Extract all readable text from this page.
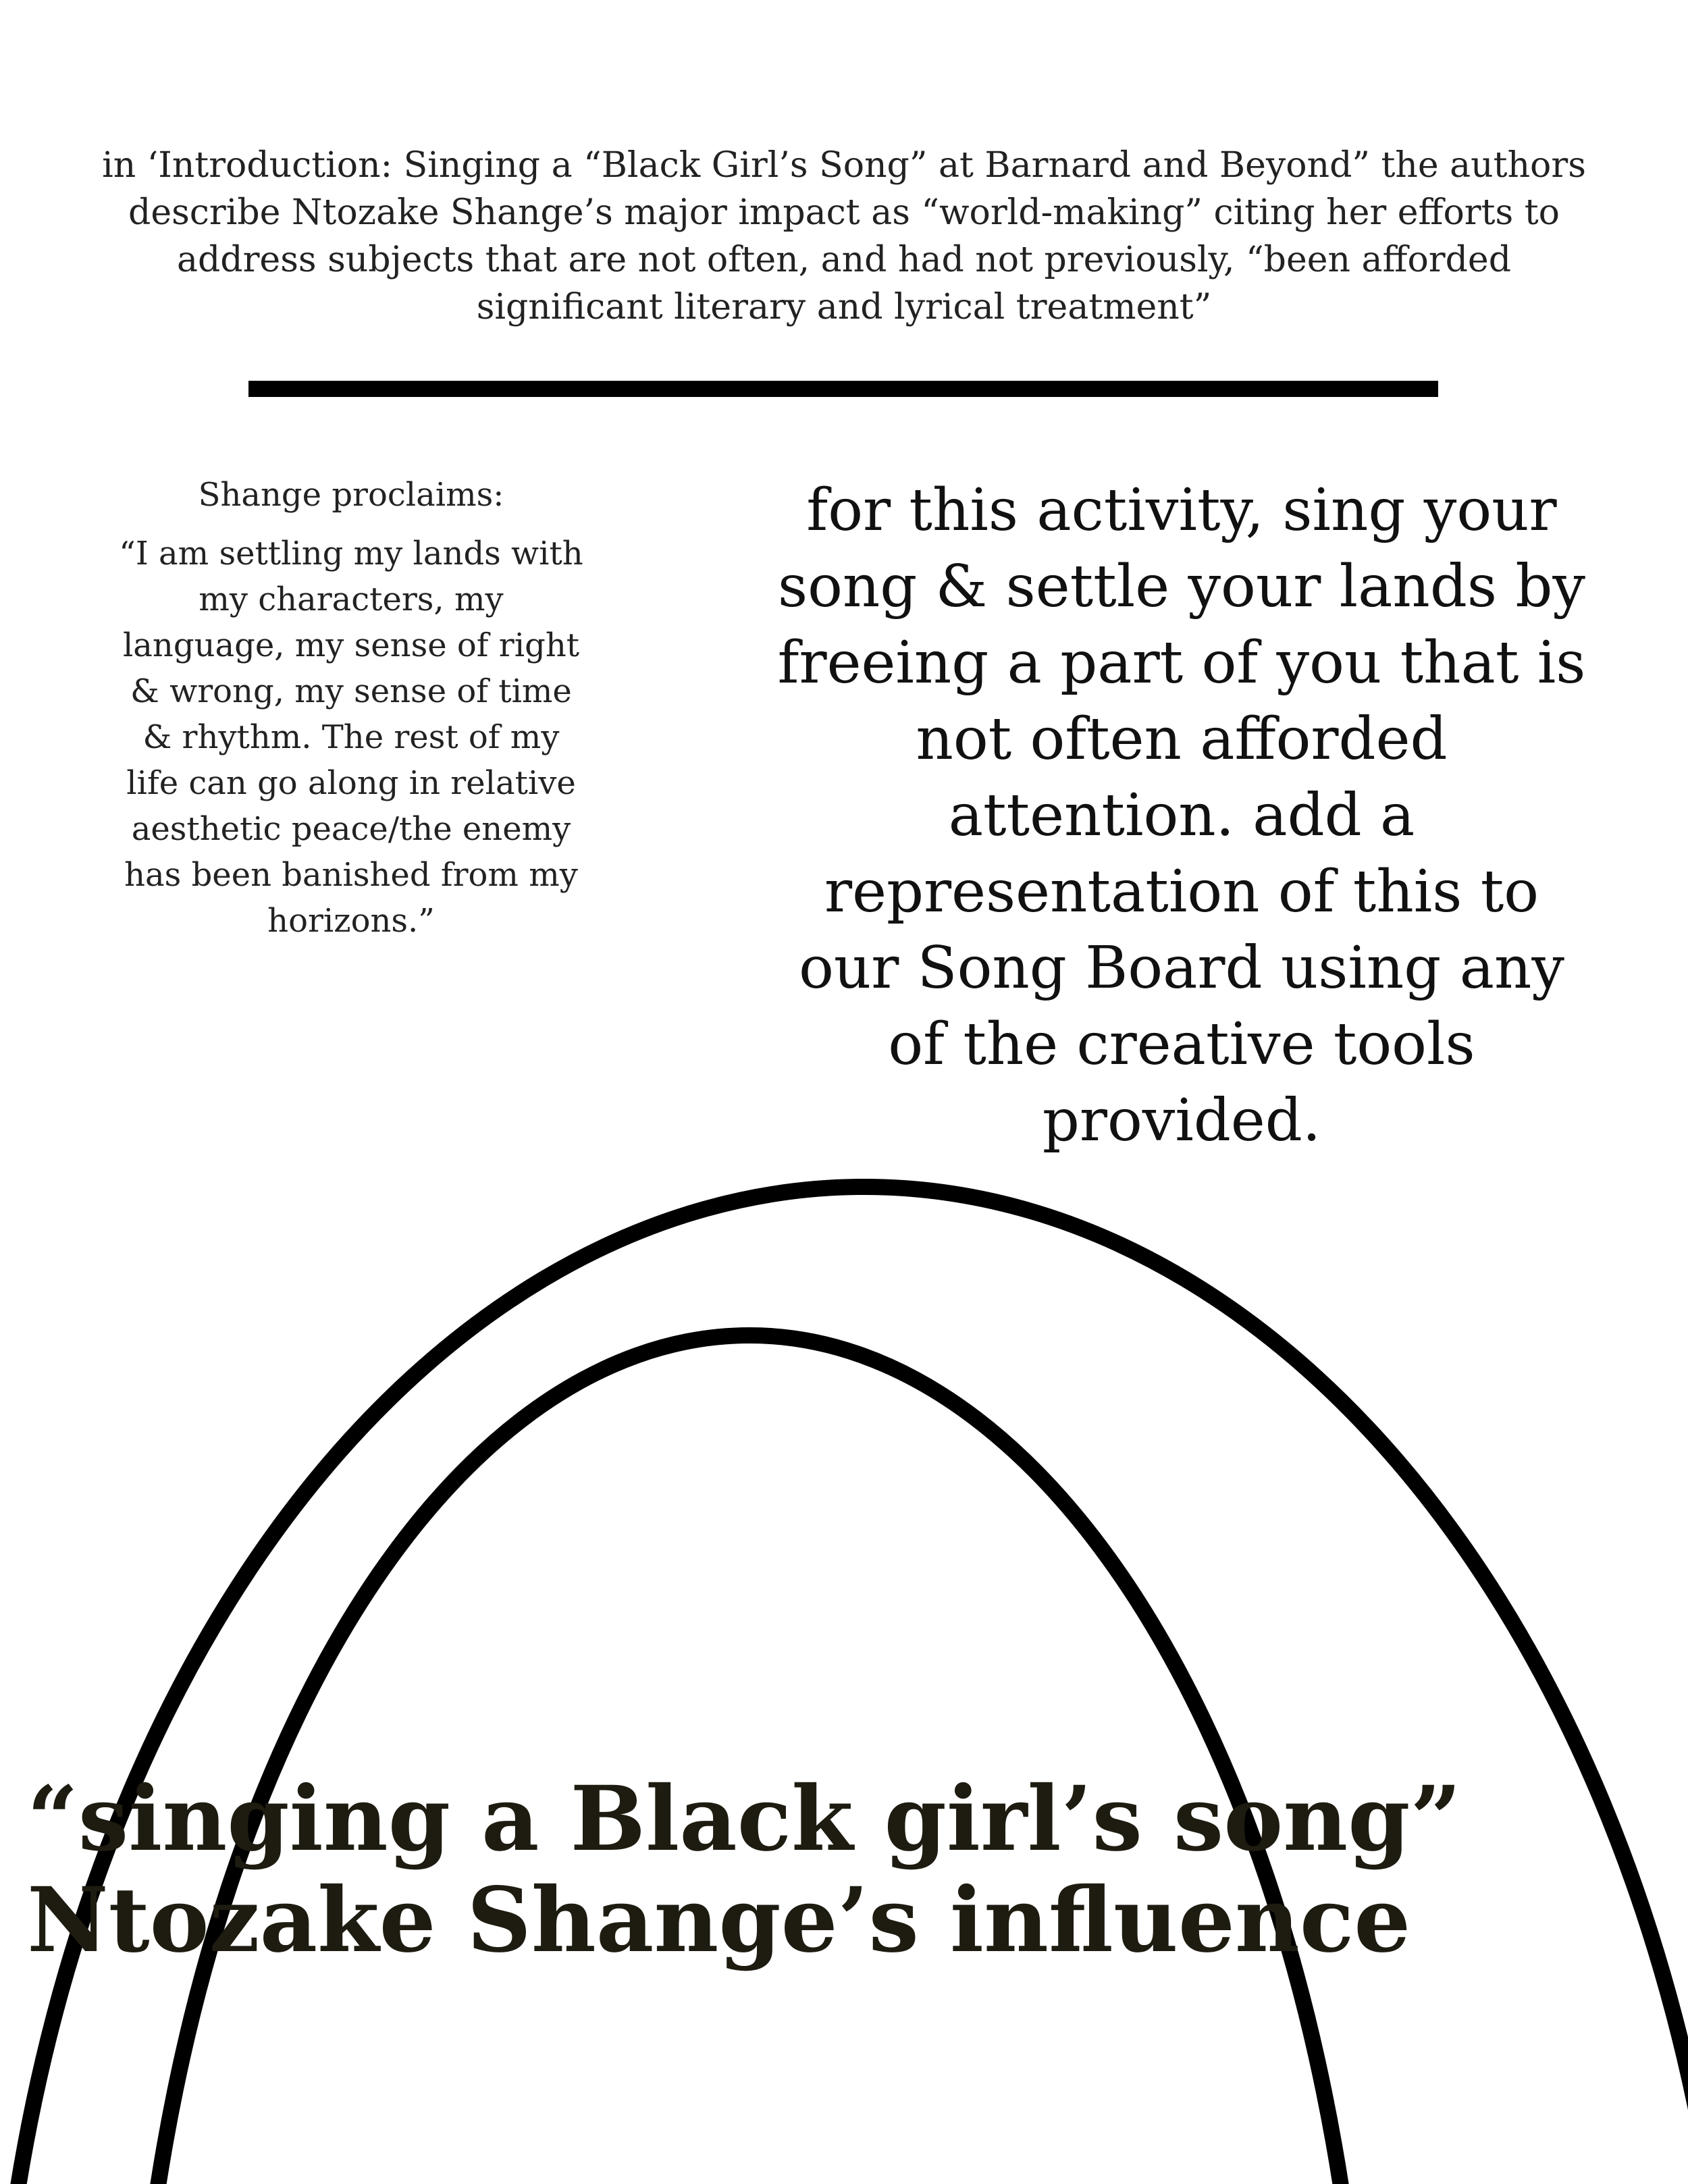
in ‘Introduction: Singing a “Black Girl’s Song” at Barnard and Beyond” the authors describe Ntozake Shange’s major impact as “world-making” citing her efforts to address subjects that are not often, and had not previously, “been afforded significant literary and lyrical treatment”

Shange proclaims:

“I am settling my lands with my characters, my language, my sense of right & wrong, my sense of time & rhythm. The rest of my life can go along in relative aesthetic peace/the enemy has been banished from my horizons.”

for this activity, sing your song & settle your lands by freeing a part of you that is not often afforded attention. add a representation of this to our Song Board using any of the creative tools provided.

“singing a Black girl’s song”
Ntozake Shange’s influence
